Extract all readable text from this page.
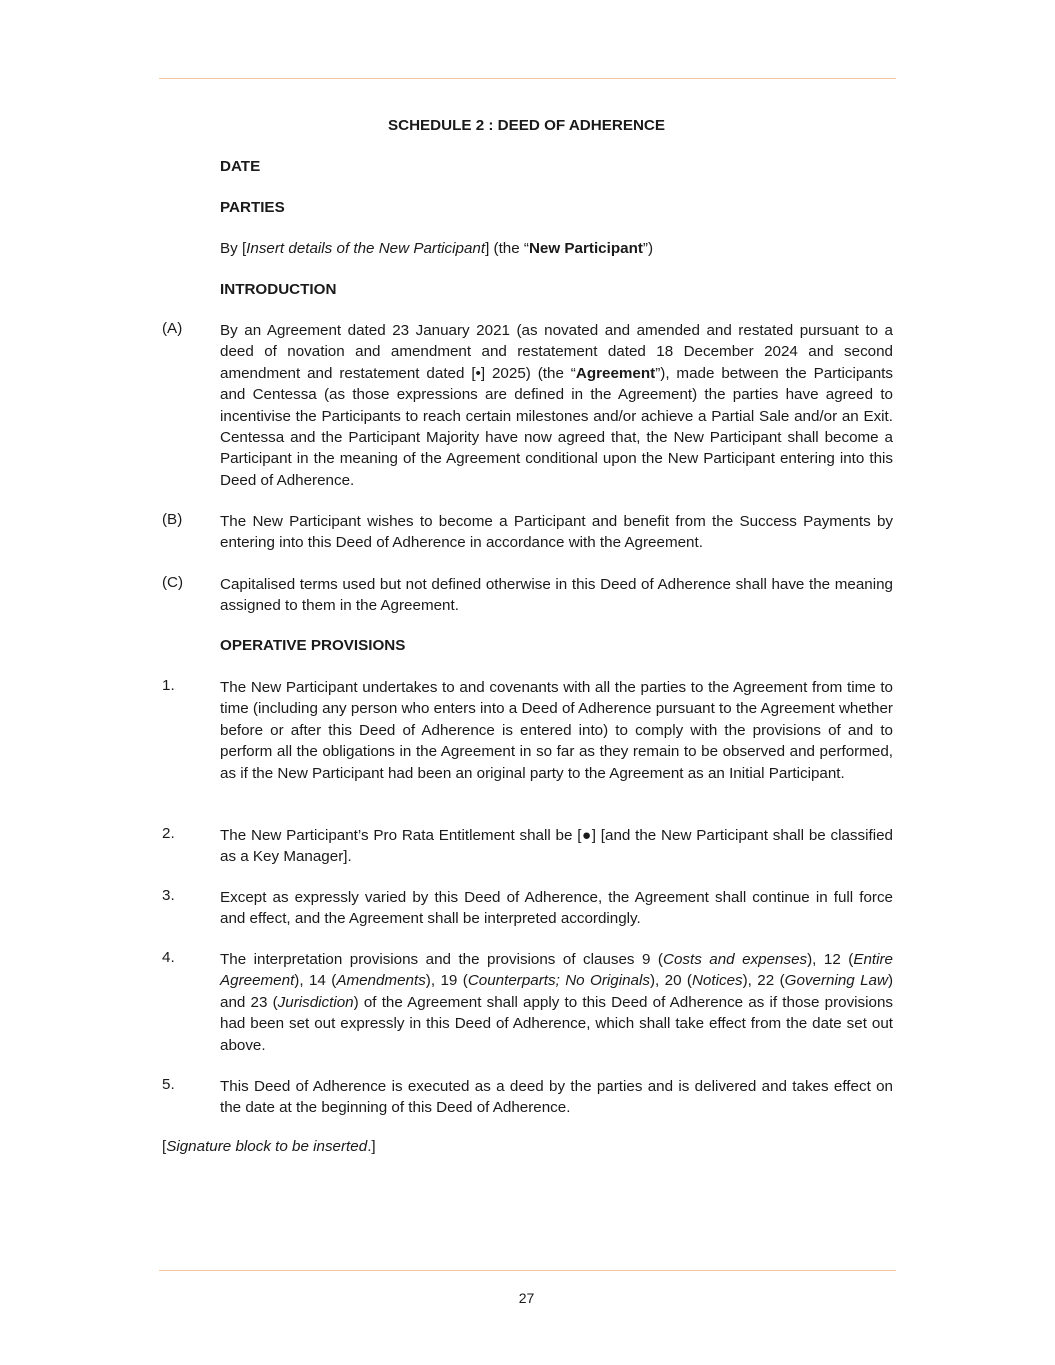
SCHEDULE 2 : DEED OF ADHERENCE
DATE
PARTIES
By [Insert details of the New Participant] (the “New Participant”)
INTRODUCTION
(A) By an Agreement dated 23 January 2021 (as novated and amended and restated pursuant to a deed of novation and amendment and restatement dated 18 December 2024 and second amendment and restatement dated [•] 2025) (the “Agreement”), made between the Participants and Centessa (as those expressions are defined in the Agreement) the parties have agreed to incentivise the Participants to reach certain milestones and/or achieve a Partial Sale and/or an Exit. Centessa and the Participant Majority have now agreed that, the New Participant shall become a Participant in the meaning of the Agreement conditional upon the New Participant entering into this Deed of Adherence.
(B) The New Participant wishes to become a Participant and benefit from the Success Payments by entering into this Deed of Adherence in accordance with the Agreement.
(C) Capitalised terms used but not defined otherwise in this Deed of Adherence shall have the meaning assigned to them in the Agreement.
OPERATIVE PROVISIONS
1.	The New Participant undertakes to and covenants with all the parties to the Agreement from time to time (including any person who enters into a Deed of Adherence pursuant to the Agreement whether before or after this Deed of Adherence is entered into) to comply with the provisions of and to perform all the obligations in the Agreement in so far as they remain to be observed and performed, as if the New Participant had been an original party to the Agreement as an Initial Participant.
2.	The New Participant’s Pro Rata Entitlement shall be [●] [and the New Participant shall be classified as a Key Manager].
3.	Except as expressly varied by this Deed of Adherence, the Agreement shall continue in full force and effect, and the Agreement shall be interpreted accordingly.
4.	The interpretation provisions and the provisions of clauses 9 (Costs and expenses), 12 (Entire Agreement), 14 (Amendments), 19 (Counterparts; No Originals), 20 (Notices), 22 (Governing Law) and 23 (Jurisdiction) of the Agreement shall apply to this Deed of Adherence as if those provisions had been set out expressly in this Deed of Adherence, which shall take effect from the date set out above.
5.	This Deed of Adherence is executed as a deed by the parties and is delivered and takes effect on the date at the beginning of this Deed of Adherence.
[Signature block to be inserted.]
27
